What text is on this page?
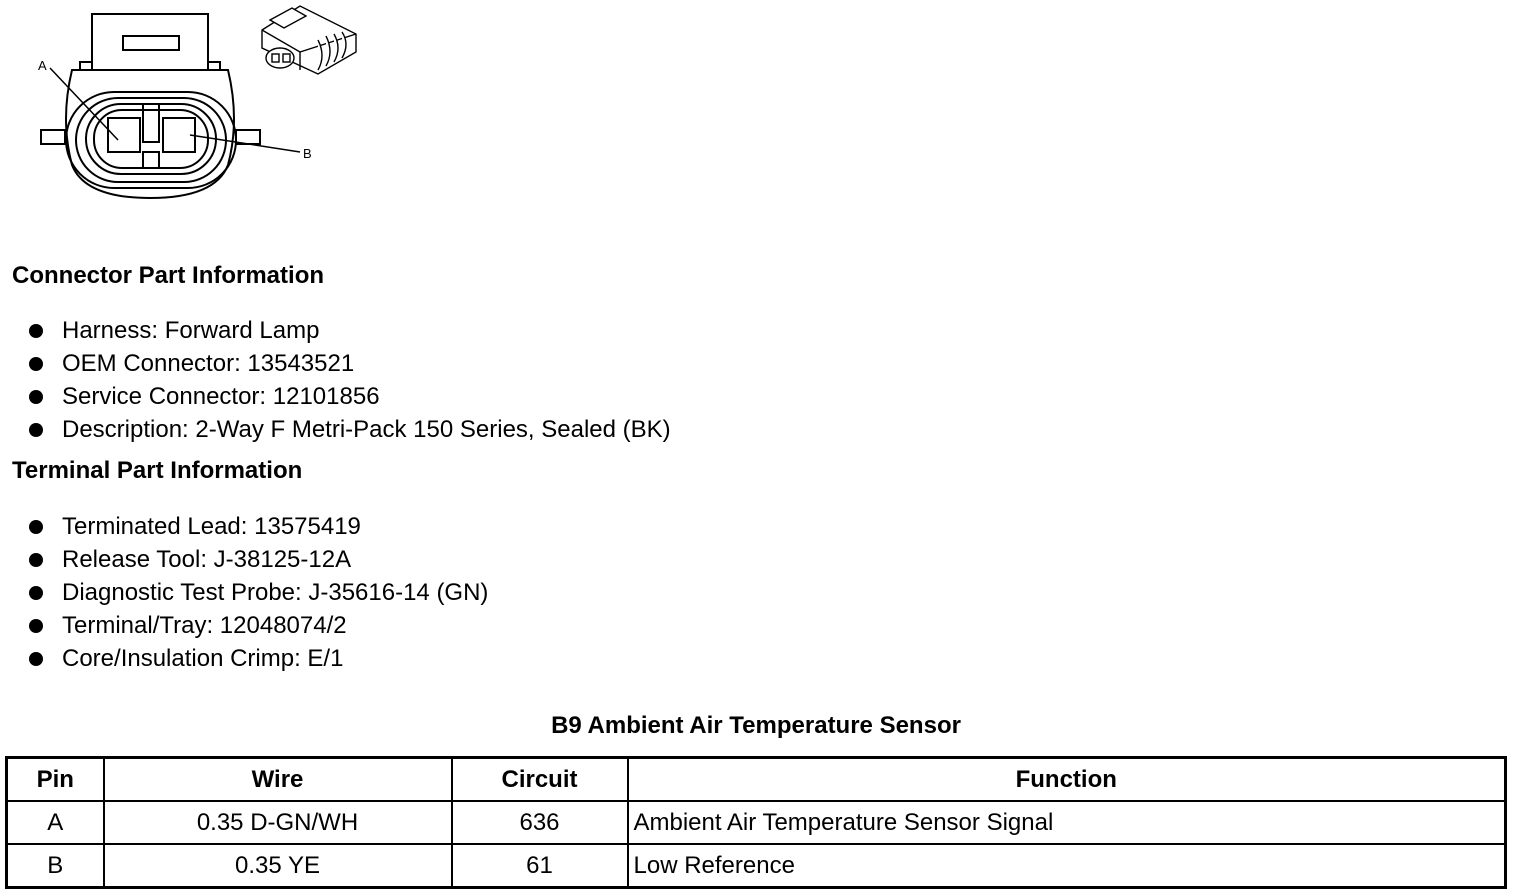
A
B
Connector Part Information
Harness: Forward Lamp
OEM Connector: 13543521
Service Connector: 12101856
Description: 2-Way F Metri-Pack 150 Series, Sealed (BK)
Terminal Part Information
Terminated Lead: 13575419
Release Tool: J-38125-12A
Diagnostic Test Probe: J-35616-14 (GN)
Terminal/Tray: 12048074/2
Core/Insulation Crimp: E/1
B9 Ambient Air Temperature Sensor
Pin	Wire	Circuit	Function
A	0.35 D-GN/WH	636	Ambient Air Temperature Sensor Signal
B	0.35 YE	61	Low Reference
